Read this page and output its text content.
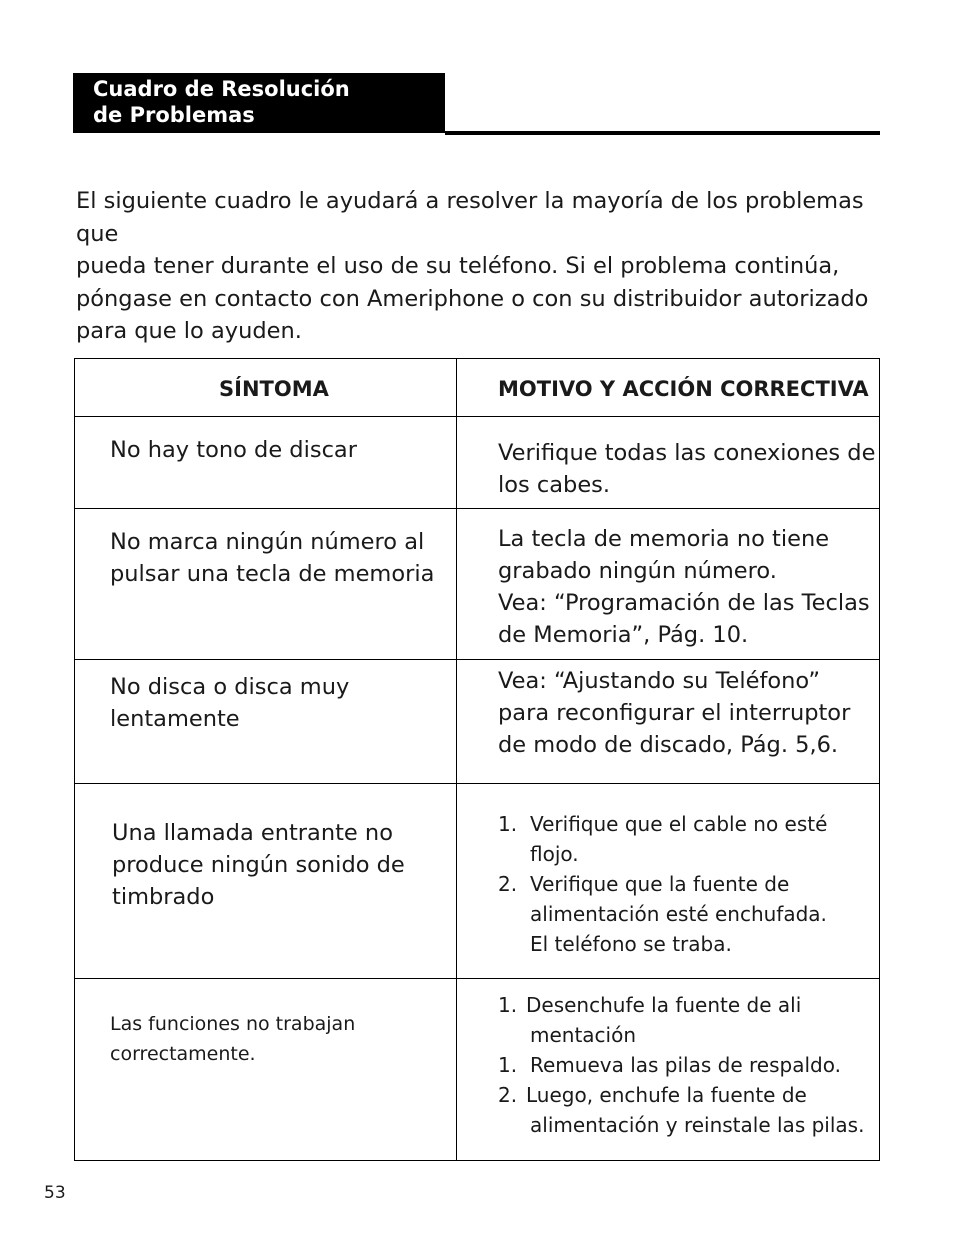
Cuadro de Resolución
de Problemas
El siguiente cuadro le ayudará a resolver la mayoría de los problemas que
pueda tener durante el uso de su teléfono. Si el problema continúa,
póngase en contacto con Ameriphone o con su distribuidor autorizado
para que lo ayuden.
SÍNTOMA	MOTIVO Y ACCIÓN CORRECTIVA
No hay tono de discar	Verifique todas las conexiones de
los cabes.
No marca ningún número al
pulsar una tecla de memoria
La tecla de memoria no tiene
grabado ningún número.
Vea: “Programación de las Teclas
de Memoria”, Pág. 10.
No disca o disca muy
lentamente
Vea: “Ajustando su Teléfono”
para reconfigurar el interruptor
de modo de discado, Pág. 5,6.
Una llamada entrante no
produce ningún sonido de
timbrado
1. Verifique que el cable no esté
flojo.
2. Verifique que la fuente de
alimentación esté enchufada.
El teléfono se traba.
Las funciones no trabajan
correctamente.
1. Desenchufe la fuente de ali
mentación
1. Remueva las pilas de respaldo.
2. Luego, enchufe la fuente de
alimentación y reinstale las pilas.
53
